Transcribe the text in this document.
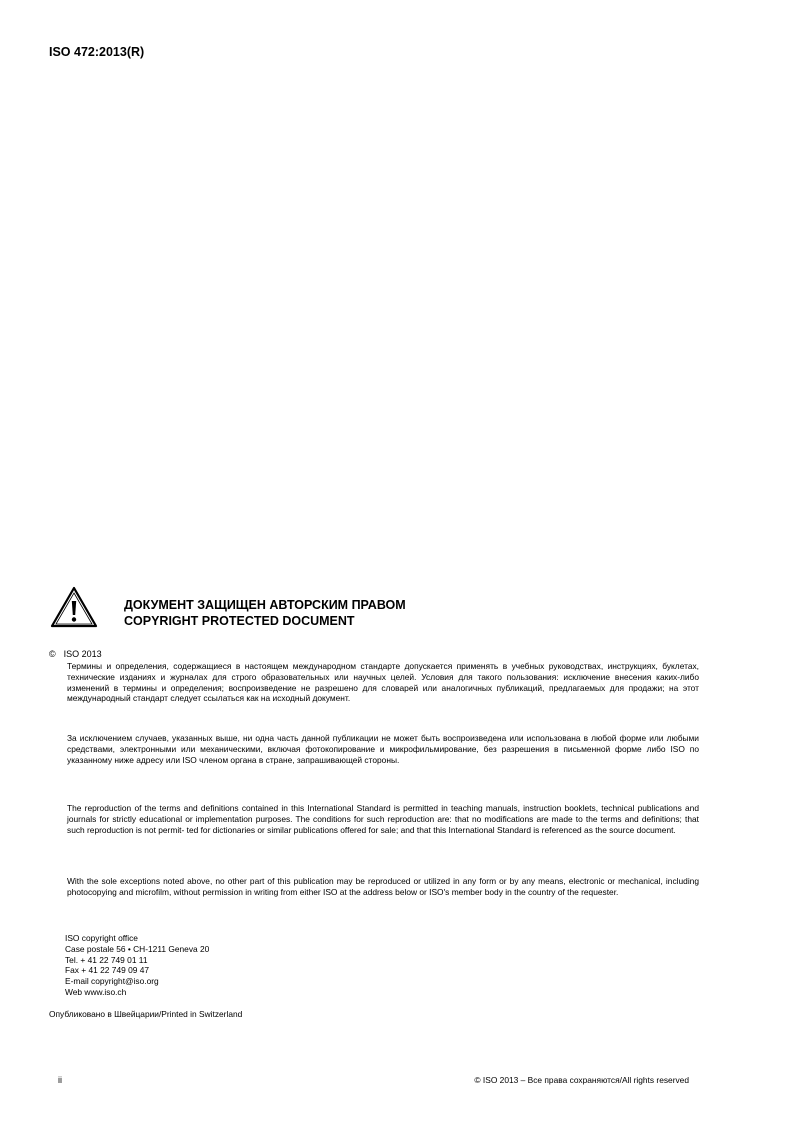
ISO 472:2013(R)
ДОКУМЕНТ ЗАЩИЩЕН АВТОРСКИМ ПРАВОМ
COPYRIGHT PROTECTED DOCUMENT
© ISO 2013

Термины и определения, содержащиеся в настоящем международном стандарте допускается применять в учебных руководствах, инструкциях, буклетах, технические изданиях и журналах для строго образовательных или научных целей. Условия для такого пользования: исключение внесения каких-либо изменений в термины и определения; воспроизведение не разрешено для словарей или аналогичных публикаций, предлагаемых для продажи; на этот международный стандарт следует ссылаться как на исходный документ.

За исключением случаев, указанных выше, ни одна часть данной публикации не может быть воспроизведена или использована в любой форме или любыми средствами, электронными или механическими, включая фотокопирование и микрофильмирование, без разрешения в письменной форме либо ISO по указанному ниже адресу или ISO членом органа в стране, запрашивающей стороны.

The reproduction of the terms and definitions contained in this International Standard is permitted in teaching manuals, instruction booklets, technical publications and journals for strictly educational or implementation purposes. The conditions for such reproduction are: that no modifications are made to the terms and definitions; that such reproduction is not permit- ted for dictionaries or similar publications offered for sale; and that this International Standard is referenced as the source document.

With the sole exceptions noted above, no other part of this publication may be reproduced or utilized in any form or by any means, electronic or mechanical, including photocopying and microfilm, without permission in writing from either ISO at the address below or ISO's member body in the country of the requester.

ISO copyright office
Case postale 56 • CH-1211 Geneva 20
Tel. + 41 22 749 01 11
Fax + 41 22 749 09 47
E-mail copyright@iso.org
Web www.iso.ch
Опубликовано в Швейцарии/Printed in Switzerland
ii	© ISO 2013 – Все права сохраняются/All rights reserved
